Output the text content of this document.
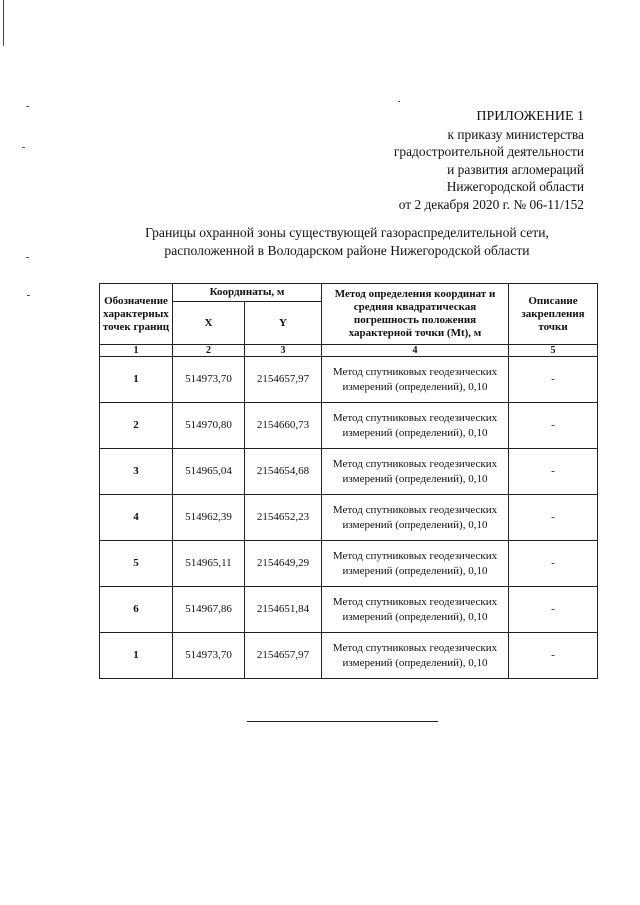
ПРИЛОЖЕНИЕ 1
к приказу министерства
градостроительной деятельности
и развития агломераций
Нижегородской области
от 2 декабря 2020 г. № 06-11/152
Границы охранной зоны существующей газораспределительной сети,
расположенной в Володарском районе Нижегородской области
Обозначение характерных точек границ	Координаты, м		Метод определения координат и средняя квадратическая погрешность положения характерной точки (Mt), м	Описание закрепления точки
	X	Y		
1	2	3	4	5
1	514973,70	2154657,97	Метод спутниковых геодезических измерений (определений), 0,10	-
2	514970,80	2154660,73	Метод спутниковых геодезических измерений (определений), 0,10	-
3	514965,04	2154654,68	Метод спутниковых геодезических измерений (определений), 0,10	-
4	514962,39	2154652,23	Метод спутниковых геодезических измерений (определений), 0,10	-
5	514965,11	2154649,29	Метод спутниковых геодезических измерений (определений), 0,10	-
6	514967,86	2154651,84	Метод спутниковых геодезических измерений (определений), 0,10	-
1	514973,70	2154657,97	Метод спутниковых геодезических измерений (определений), 0,10	-
